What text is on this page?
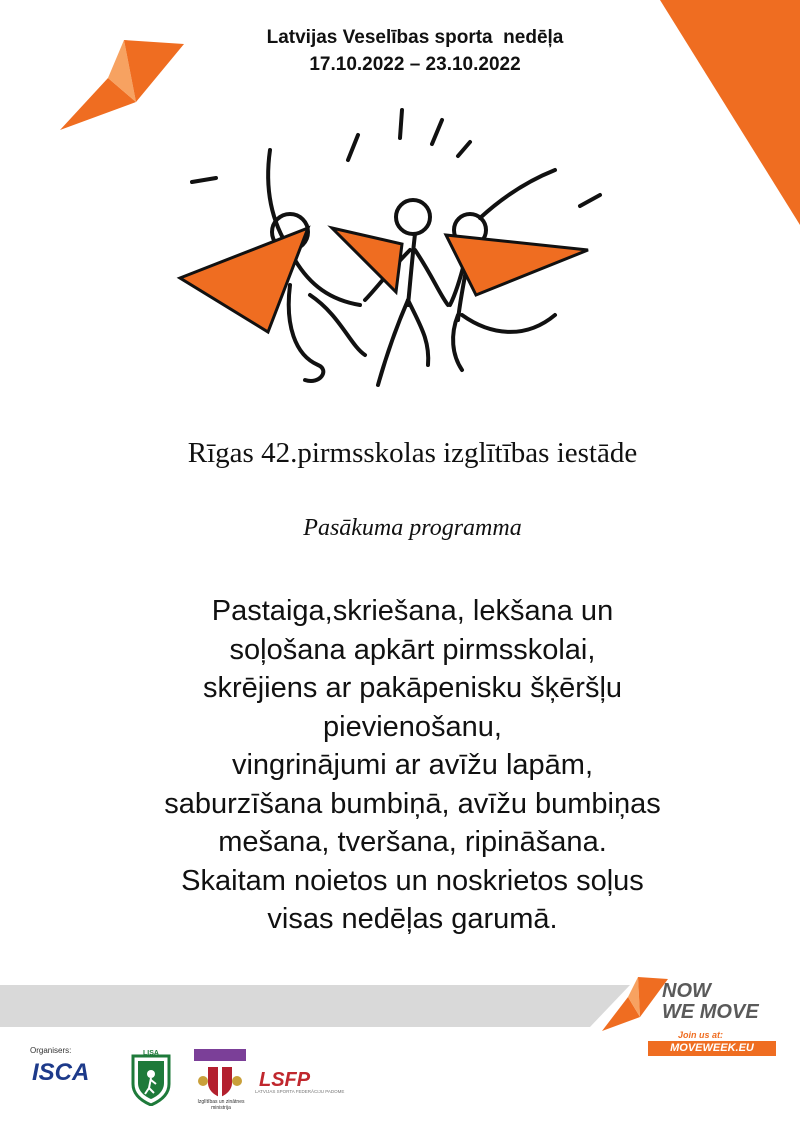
Latvijas Veselības sporta  nedēļa
17.10.2022 – 23.10.2022
Rīgas 42.pirmsskolas izglītības iestāde
Pasākuma programma
Pastaiga,skriešana, lekšana un
soļošana apkārt pirmsskolai,
skrējiens ar pakāpenisku šķēršļu
pievienošanu,
vingrinājumi ar avīžu lapām,
saburzīšana bumbiņā, avīžu bumbiņas
mešana, tveršana, ripināšana.
Skaitam noietos un noskrietos soļus
visas nedēļas garumā.
NOW
WE MOVE
Join us at:
MOVEWEEK.EU
Organisers:
ISCA
LISA
Izglītības un zinātnes ministrija
LSFP
LATVIJAS SPORTA FEDERĀCIJU PADOME
